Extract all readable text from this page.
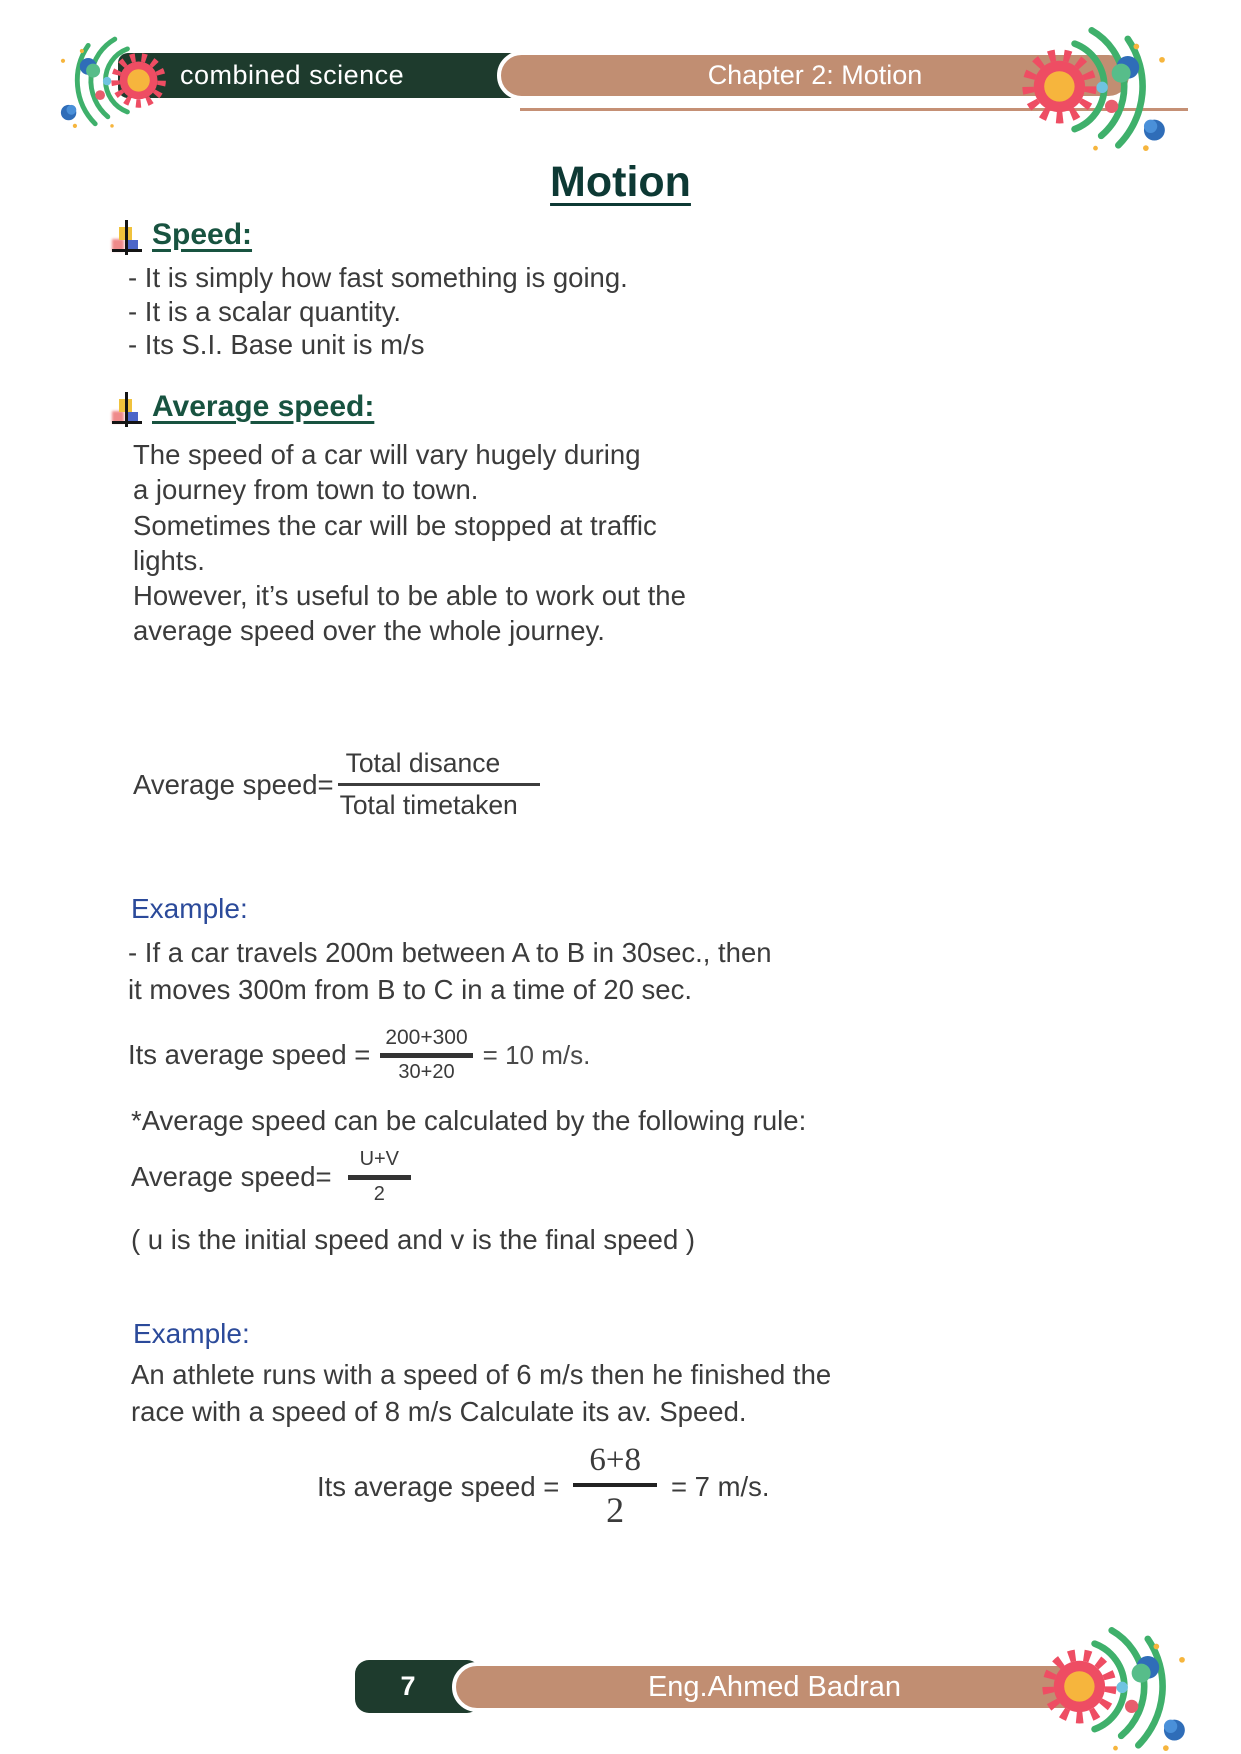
combined science	Chapter 2: Motion
Motion
Speed:
- It is simply how fast something is going.
- It is a scalar quantity.
- Its S.I. Base unit is m/s
Average speed:
The speed of a car will vary hugely during
a journey from town to town.
Sometimes the car will be stopped at traffic
lights.
However, it’s useful to be able to work out the
average speed over the whole journey.
Average speed= $\frac{\text{Total disance}}{\text{Total timetaken}}$
Example:
- If a car travels 200m between A to B in 30sec., then
it moves 300m from B to C in a time of 20 sec.
Its average speed = $\frac{200+300}{30+20} = 10$ m/s.
*Average speed can be calculated by the following rule:
Average speed= $\frac{U+V}{2}$
( u is the initial speed and v is the final speed )
Example:
An athlete runs with a speed of 6 m/s then he finished the
race with a speed of 8 m/s Calculate its av. Speed.
Its average speed = $\frac{6+8}{2} = 7$ m/s.
7	Eng.Ahmed Badran
